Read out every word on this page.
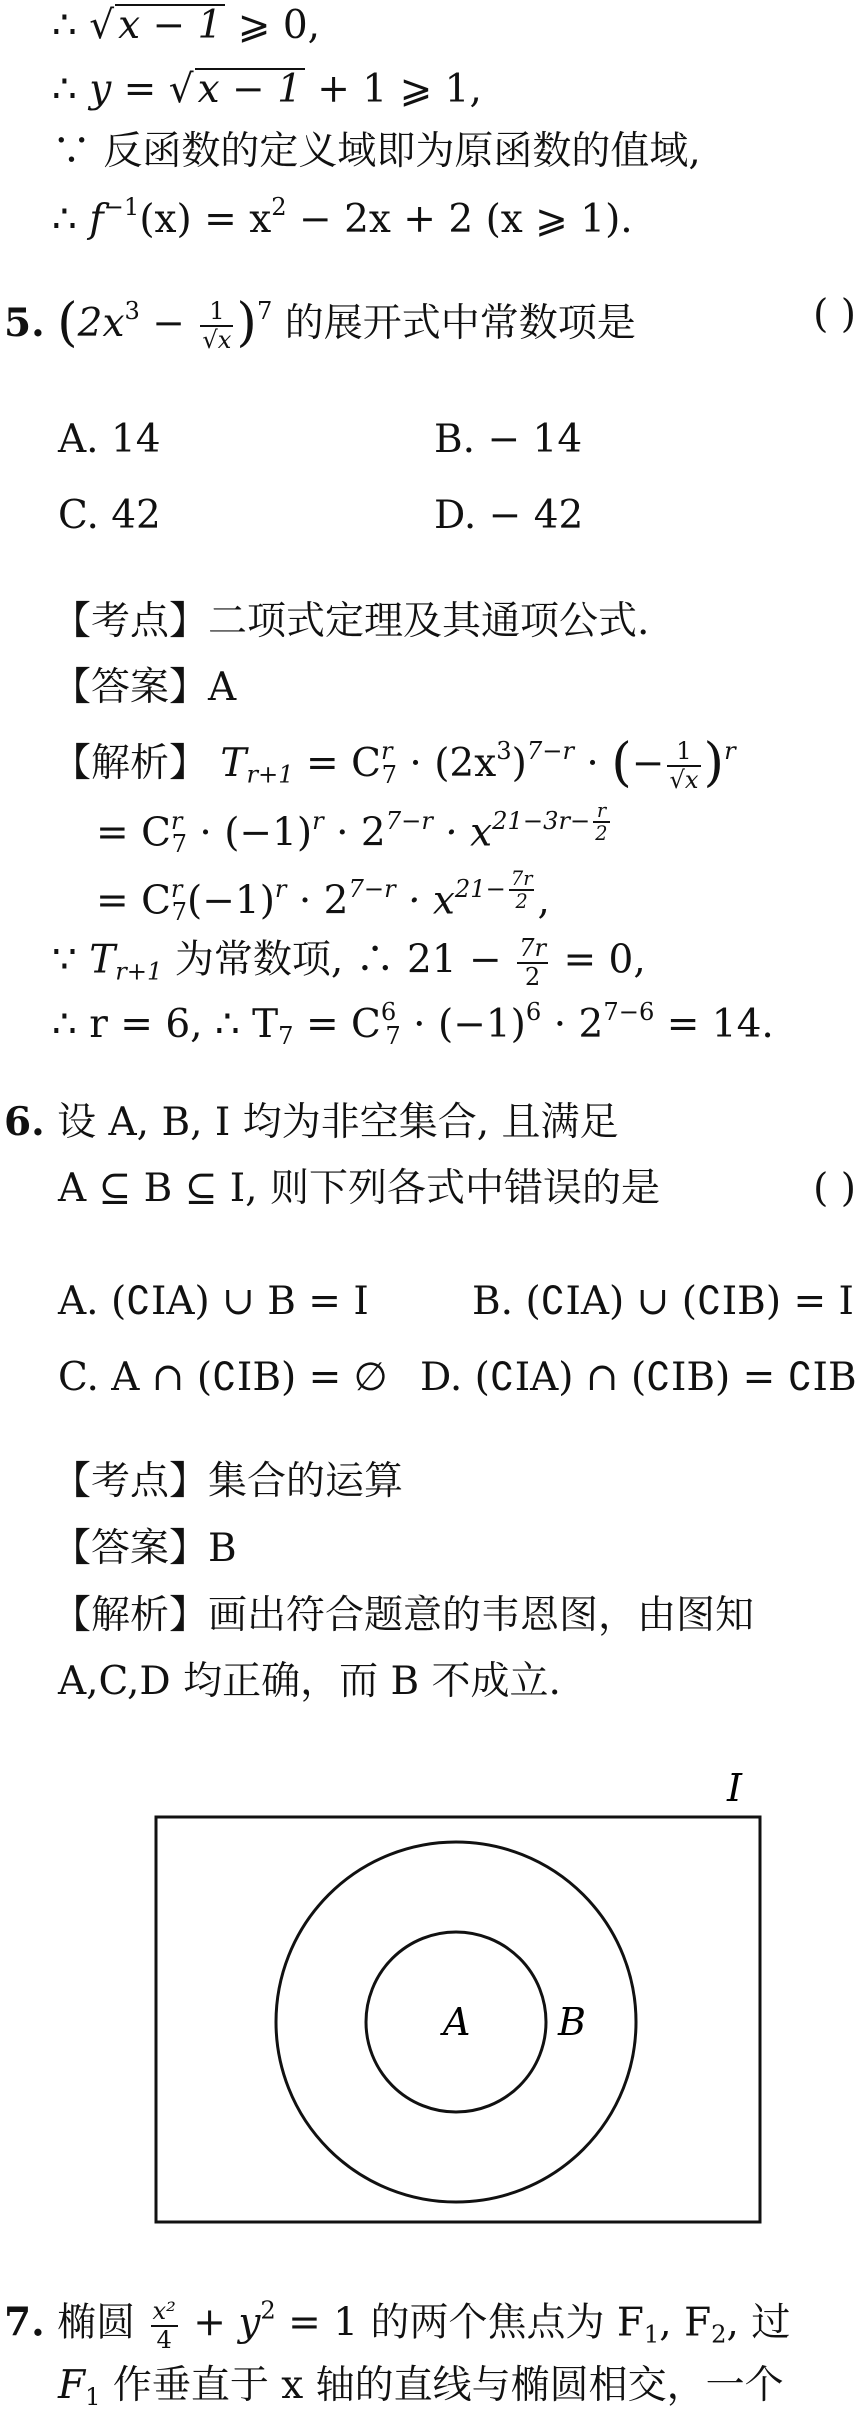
∴ √ x − 1 ⩾ 0,
∴ y = √ x − 1 + 1 ⩾ 1,
∵ 反函数的定义域即为原函数的值域,
∴ $f^{-1}(x) = x^2 - 2x + 2$ (x ⩾ 1).
5. $(2x^3 - \frac{1}{√x} )^7$ 的展开式中常数项是	( )
A. 14	B. − 14
C. 42	D. − 42
【考点】二项式定理及其通项公式.
【答案】A
【解析】 $T_{r+1} = C^r_7 \cdot (2x^3)^{7-r}$ · (− $\frac{1}{√x} )^r$
= $C^r_7 \cdot (-1)^r \cdot 2^{7-r} \cdot x^{21-3r- \frac{r}{2}}$
= $C^r_7(-1)^r \cdot 2^{7-r} \cdot x^{21- \frac{7r}{2}}$ ,
∵ $T_{r+1}$ 为常数项, ∴ $21 - \frac{7r}{2} = 0$,
∴ r = 6, ∴ $T_7 = C^6_7 \cdot (-1)^6 \cdot 2^{7-6} = 14$.
6. 设 A, B, I 均为非空集合, 且满足
A ⊆ B ⊆ I, 则下列各式中错误的是	( )
A. (∁IA) ∪ B = I	B. (∁IA) ∪ (∁IB) = I
C. A ∩ (∁IB) = ∅ D. (∁IA) ∩ (∁IB) = ∁IB
【考点】集合的运算
【答案】B
【解析】画出符合题意的韦恩图，由图知
A,C,D 均正确，而 B 不成立.
I
A B
7. 椭圆 $\frac{\text{x²}}{4} + y^2 = 1$ 的两个焦点为 $F_1$, $F_2$, 过
$F_1$ 作垂直于 x 轴的直线与椭圆相交，一个
